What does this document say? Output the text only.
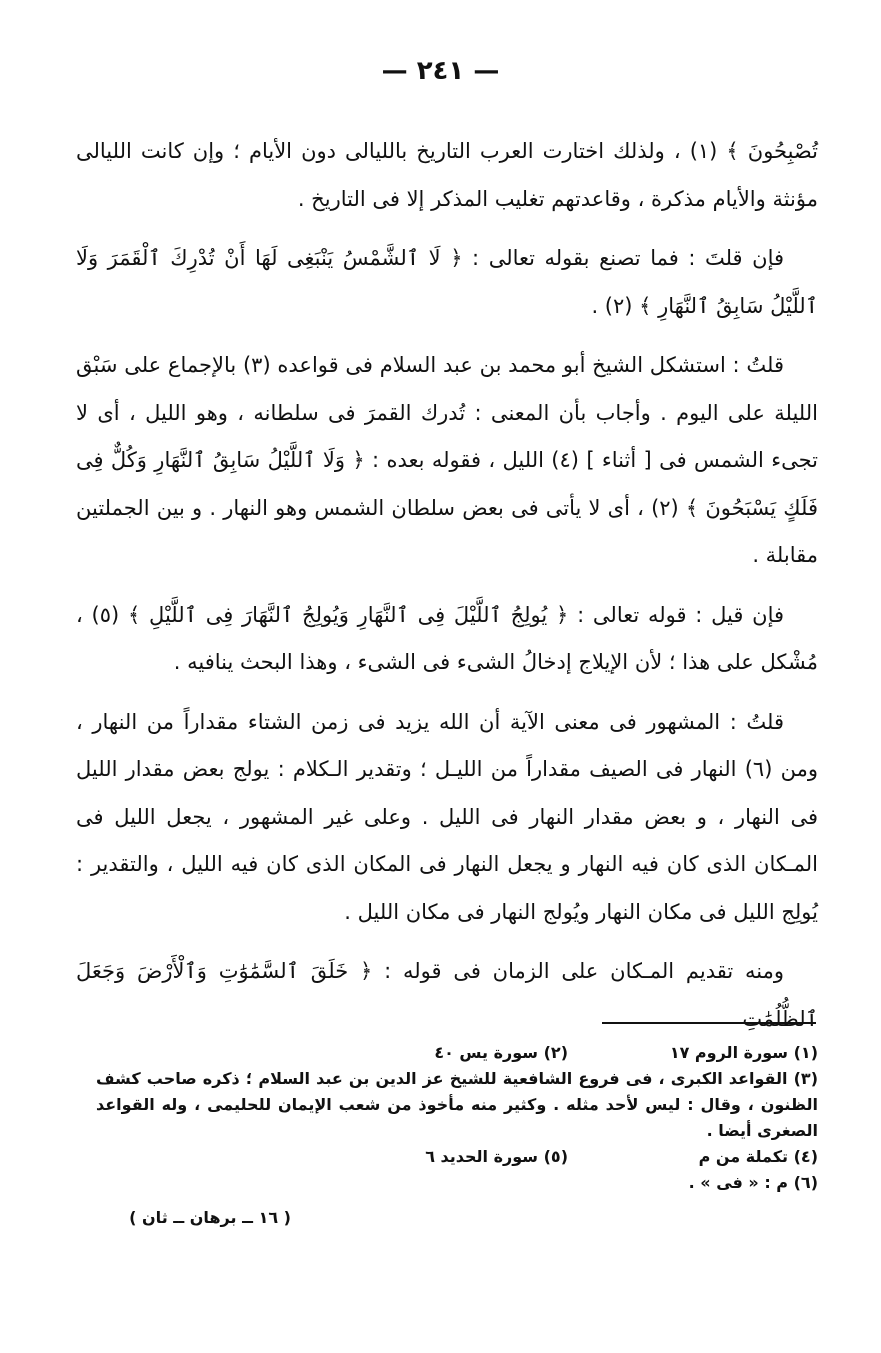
— ٢٤١ —

تُصْبِحُونَ ﴾ (١) ، ولذلك اختارت العرب التاريخ بالليالى دون الأيام ؛ وإن كانت الليالى مؤنثة والأيام مذكرة ، وقاعدتهم تغليب المذكر إلا فى التاريخ .

فإن قلتَ : فما تصنع بقوله تعالى : ﴿ لَا ٱلشَّمْسُ يَنْبَغِى لَهَا أَنْ تُدْرِكَ ٱلْقَمَرَ وَلَا ٱللَّيْلُ سَابِقُ ٱلنَّهَارِ ﴾ (٢) .

قلتُ : استشكل الشيخ أبو محمد بن عبد السلام فى قواعده (٣) بالإجماع على سَبْق الليلة على اليوم . وأجاب بأن المعنى : تُدرك القمرَ فى سلطانه ، وهو الليل ، أى لا تجىء الشمس فى [ أثناء ] (٤) الليل ، فقوله بعده : ﴿ وَلَا ٱللَّيْلُ سَابِقُ ٱلنَّهَارِ وَكُلٌّ فِى فَلَكٍ يَسْبَحُونَ ﴾ (٢) ، أى لا يأتى فى بعض سلطان الشمس وهو النهار . و بين الجملتين مقابلة .

فإن قيل : قوله تعالى : ﴿ يُولِجُ ٱللَّيْلَ فِى ٱلنَّهَارِ وَيُولِجُ ٱلنَّهَارَ فِى ٱللَّيْلِ ﴾ (٥) ، مُشْكل على هذا ؛ لأن الإيلاج إدخالُ الشىء فى الشىء ، وهذا البحث ينافيه .

قلتُ : المشهور فى معنى الآية أن الله يزيد فى زمن الشتاء مقداراً من النهار ، ومن (٦) النهار فى الصيف مقداراً من الليـل ؛ وتقدير الـكلام : يولج بعض مقدار الليل فى النهار ، و بعض مقدار النهار فى الليل . وعلى غير المشهور ، يجعل الليل فى المـكان الذى كان فيه النهار و يجعل النهار فى المكان الذى كان فيه الليل ، والتقدير : يُولِج الليل فى مكان النهار ويُولج النهار فى مكان الليل .

ومنه تقديم المـكان على الزمان فى قوله : ﴿ خَلَقَ ٱلسَّمَٰوَٰتِ وَٱلْأَرْضَ وَجَعَلَ ٱلظُّلُمَٰتِ

(١) سورة الروم ١٧
(٢) سورة يس ٤٠
(٣) القواعد الكبرى ، فى فروع الشافعية للشيخ عز الدين بن عبد السلام ؛ ذكره صاحب كشف الظنون ، وقال : ليس لأحد مثله . وكثير منه مأخوذ من شعب الإيمان للحليمى ، وله القواعد الصغرى أيضا .
(٤) تكملة من م
(٥) سورة الحديد ٦
(٦) م : « فى » .
( ١٦ ــ برهان ــ ثان )
